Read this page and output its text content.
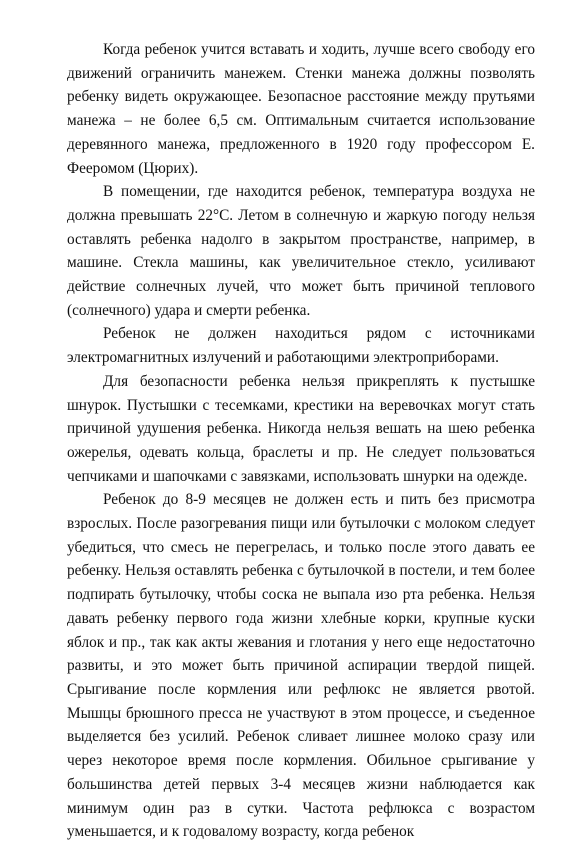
Когда ребенок учится вставать и ходить, лучше всего свободу его движений ограничить манежем. Стенки манежа должны позволять ребенку видеть окружающее. Безопасное расстояние между прутьями манежа – не более 6,5 см. Оптимальным считается использование деревянного манежа, предложенного в 1920 году профессором Е. Фееромом (Цюрих).

В помещении, где находится ребенок, температура воздуха не должна превышать 22°С. Летом в солнечную и жаркую погоду нельзя оставлять ребенка надолго в закрытом пространстве, например, в машине. Стекла машины, как увеличительное стекло, усиливают действие солнечных лучей, что может быть причиной теплового (солнечного) удара и смерти ребенка.

Ребенок не должен находиться рядом с источниками электромагнитных излучений и работающими электроприборами.

Для безопасности ребенка нельзя прикреплять к пустышке шнурок. Пустышки с тесемками, крестики на веревочках могут стать причиной удушения ребенка. Никогда нельзя вешать на шею ребенка ожерелья, одевать кольца, браслеты и пр. Не следует пользоваться чепчиками и шапочками с завязками, использовать шнурки на одежде.

Ребенок до 8-9 месяцев не должен есть и пить без присмотра взрослых. После разогревания пищи или бутылочки с молоком следует убедиться, что смесь не перегрелась, и только после этого давать ее ребенку. Нельзя оставлять ребенка с бутылочкой в постели, и тем более подпирать бутылочку, чтобы соска не выпала изо рта ребенка. Нельзя давать ребенку первого года жизни хлебные корки, крупные куски яблок и пр., так как акты жевания и глотания у него еще недостаточно развиты, и это может быть причиной аспирации твердой пищей. Срыгивание после кормления или рефлюкс не является рвотой. Мышцы брюшного пресса не участвуют в этом процессе, и съеденное выделяется без усилий. Ребенок сливает лишнее молоко сразу или через некоторое время после кормления. Обильное срыгивание у большинства детей первых 3-4 месяцев жизни наблюдается как минимум один раз в сутки. Частота рефлюкса с возрастом уменьшается, и к годовалому возрасту, когда ребенок
